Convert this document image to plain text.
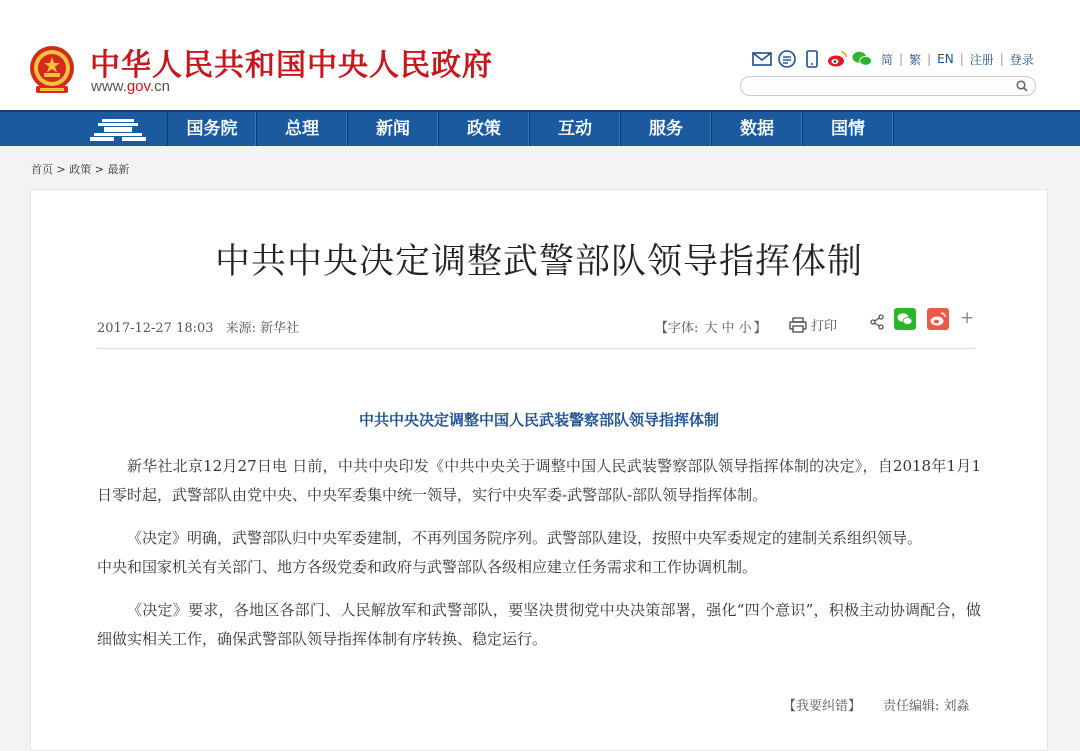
中华人民共和国中央人民政府
www.gov.cn
简 | 繁 | EN | 注册 | 登录
国务院	总理	新闻	政策	互动	服务	数据	国情
首页 > 政策 > 最新
中共中央决定调整武警部队领导指挥体制
2017-12-27 18:03 来源: 新华社	【字体: 大 中 小 】	打印	+
中共中央决定调整中国人民武装警察部队领导指挥体制

新华社北京12月27日电 日前，中共中央印发《中共中央关于调整中国人民武装警察部队领导指挥体制的决定》，自2018年1月1日零时起，武警部队由党中央、中央军委集中统一领导，实行中央军委-武警部队-部队领导指挥体制。

《决定》明确，武警部队归中央军委建制，不再列国务院序列。武警部队建设，按照中央军委规定的建制关系组织领导。

中央和国家机关有关部门、地方各级党委和政府与武警部队各级相应建立任务需求和工作协调机制。

《决定》要求，各地区各部门、人民解放军和武警部队，要坚决贯彻党中央决策部署，强化“四个意识”，积极主动协调配合，做细做实相关工作，确保武警部队领导指挥体制有序转换、稳定运行。

【我要纠错】 责任编辑: 刘淼
